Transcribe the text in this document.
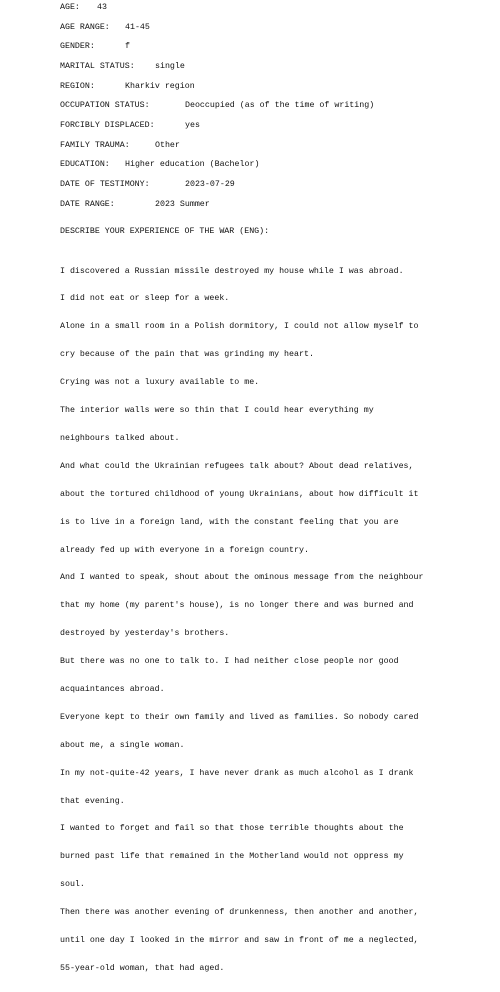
AGE: 43
AGE RANGE: 41-45
GENDER:	f
MARITAL STATUS: single
REGION:	Kharkiv region
OCCUPATION STATUS:	Deoccupied (as of the time of writing)
FORCIBLY DISPLACED:	yes
FAMILY TRAUMA:	Other
EDUCATION: Higher education (Bachelor)
DATE OF TESTIMONY:	2023-07-29
DATE RANGE:	2023 Summer
DESCRIBE YOUR EXPERIENCE OF THE WAR (ENG):

I discovered a Russian missile destroyed my house while I was abroad.

I did not eat or sleep for a week.

Alone in a small room in a Polish dormitory, I could not allow myself to

cry because of the pain that was grinding my heart.

Crying was not a luxury available to me.

The interior walls were so thin that I could hear everything my

neighbours talked about.

And what could the Ukrainian refugees talk about? About dead relatives,

about the tortured childhood of young Ukrainians, about how difficult it

is to live in a foreign land, with the constant feeling that you are

already fed up with everyone in a foreign country.

And I wanted to speak, shout about the ominous message from the neighbour

that my home (my parent's house), is no longer there and was burned and

destroyed by yesterday's brothers.

But there was no one to talk to. I had neither close people nor good

acquaintances abroad.

Everyone kept to their own family and lived as families. So nobody cared

about me, a single woman.

In my not-quite-42 years, I have never drank as much alcohol as I drank

that evening.

I wanted to forget and fail so that those terrible thoughts about the

burned past life that remained in the Motherland would not oppress my

soul.

Then there was another evening of drunkenness, then another and another,

until one day I looked in the mirror and saw in front of me a neglected,

55-year-old woman, that had aged.
